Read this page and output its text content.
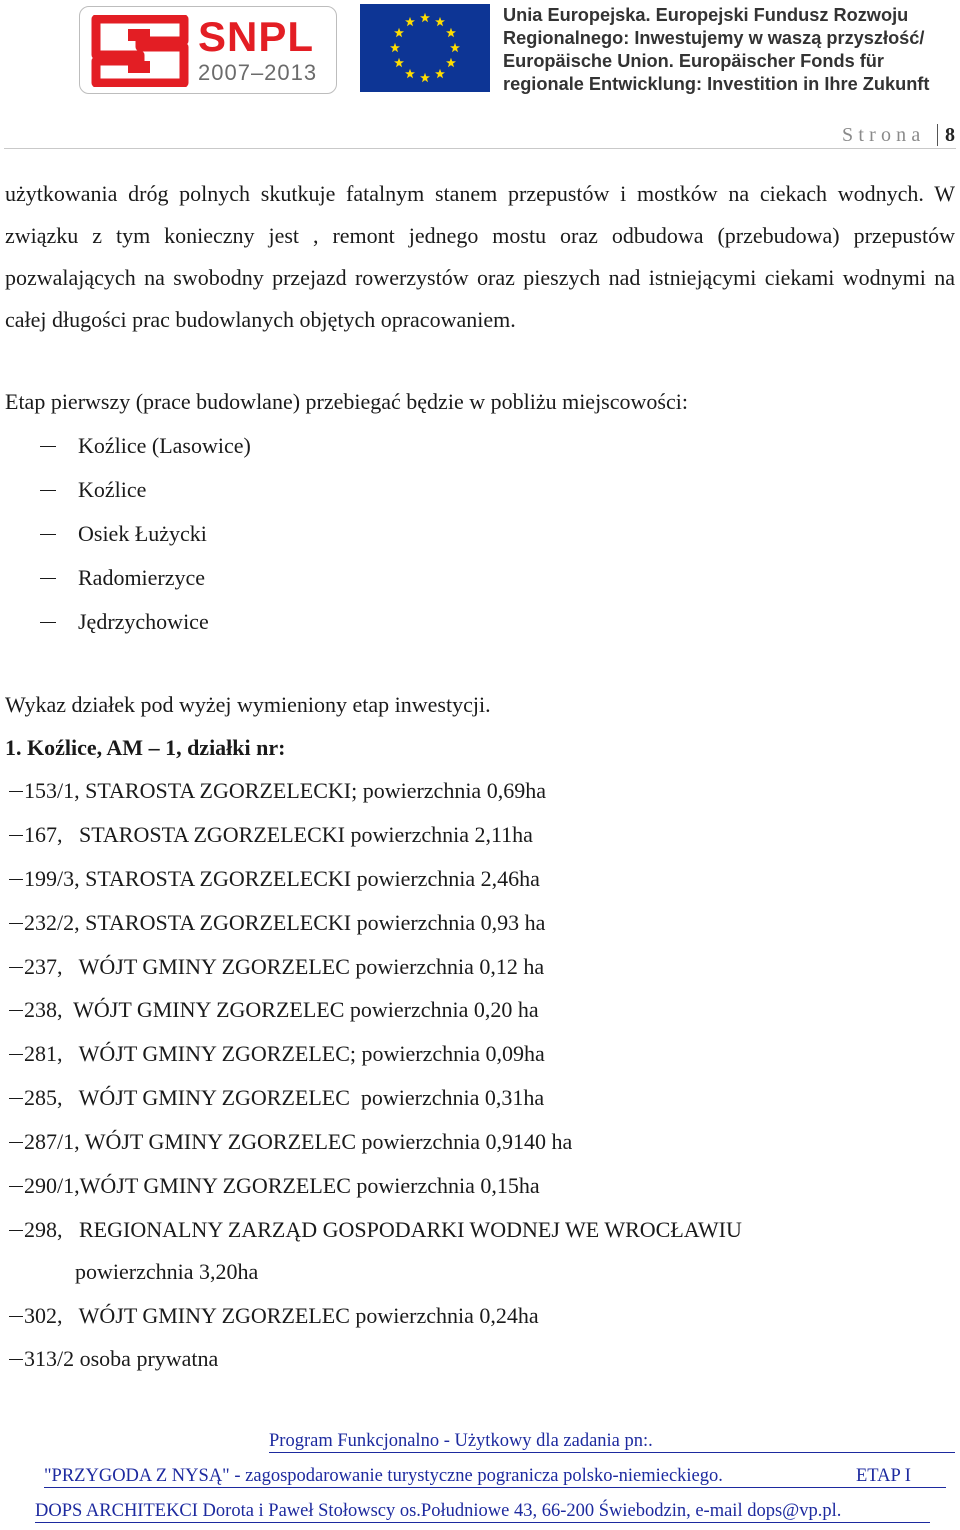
SNPL
2007–2013
Unia Europejska. Europejski Fundusz Rozwoju
Regionalnego: Inwestujemy w waszą przyszłość/
Europäische Union. Europäischer Fonds für
regionale Entwicklung: Investition in Ihre Zukunft
Strona 8

użytkowania dróg polnych skutkuje fatalnym stanem przepustów i mostków na ciekach wodnych. W związku z tym konieczny jest , remont jednego mostu oraz odbudowa (przebudowa) przepustów pozwalających na swobodny przejazd rowerzystów oraz pieszych nad istniejącymi ciekami wodnymi na całej długości prac budowlanych objętych opracowaniem.

Etap pierwszy (prace budowlane) przebiegać będzie w pobliżu miejscowości:

Koźlice (Lasowice)
Koźlice
Osiek Łużycki
Radomierzyce
Jędrzychowice

Wykaz działek pod wyżej wymieniony etap inwestycji.

1. Koźlice, AM – 1, działki nr:

153/1, STAROSTA ZGORZELECKI; powierzchnia 0,69ha
167,   STAROSTA ZGORZELECKI powierzchnia 2,11ha
199/3, STAROSTA ZGORZELECKI powierzchnia 2,46ha
232/2, STAROSTA ZGORZELECKI powierzchnia 0,93 ha
237,   WÓJT GMINY ZGORZELEC powierzchnia 0,12 ha
238,  WÓJT GMINY ZGORZELEC powierzchnia 0,20 ha
281,   WÓJT GMINY ZGORZELEC; powierzchnia 0,09ha
285,   WÓJT GMINY ZGORZELEC  powierzchnia 0,31ha
287/1, WÓJT GMINY ZGORZELEC powierzchnia 0,9140 ha
290/1,WÓJT GMINY ZGORZELEC powierzchnia 0,15ha
298,   REGIONALNY ZARZĄD GOSPODARKI WODNEJ WE WROCŁAWIU

powierzchnia 3,20ha

302,   WÓJT GMINY ZGORZELEC powierzchnia 0,24ha
313/2 osoba prywatna
Program Funkcjonalno - Użytkowy dla zadania pn:.
"PRZYGODA Z NYSĄ" - zagospodarowanie turystyczne pogranicza polsko-niemieckiego.	ETAP I
DOPS ARCHITEKCI Dorota i Paweł Stołowscy os.Południowe 43, 66-200 Świebodzin, e-mail dops@vp.pl.
